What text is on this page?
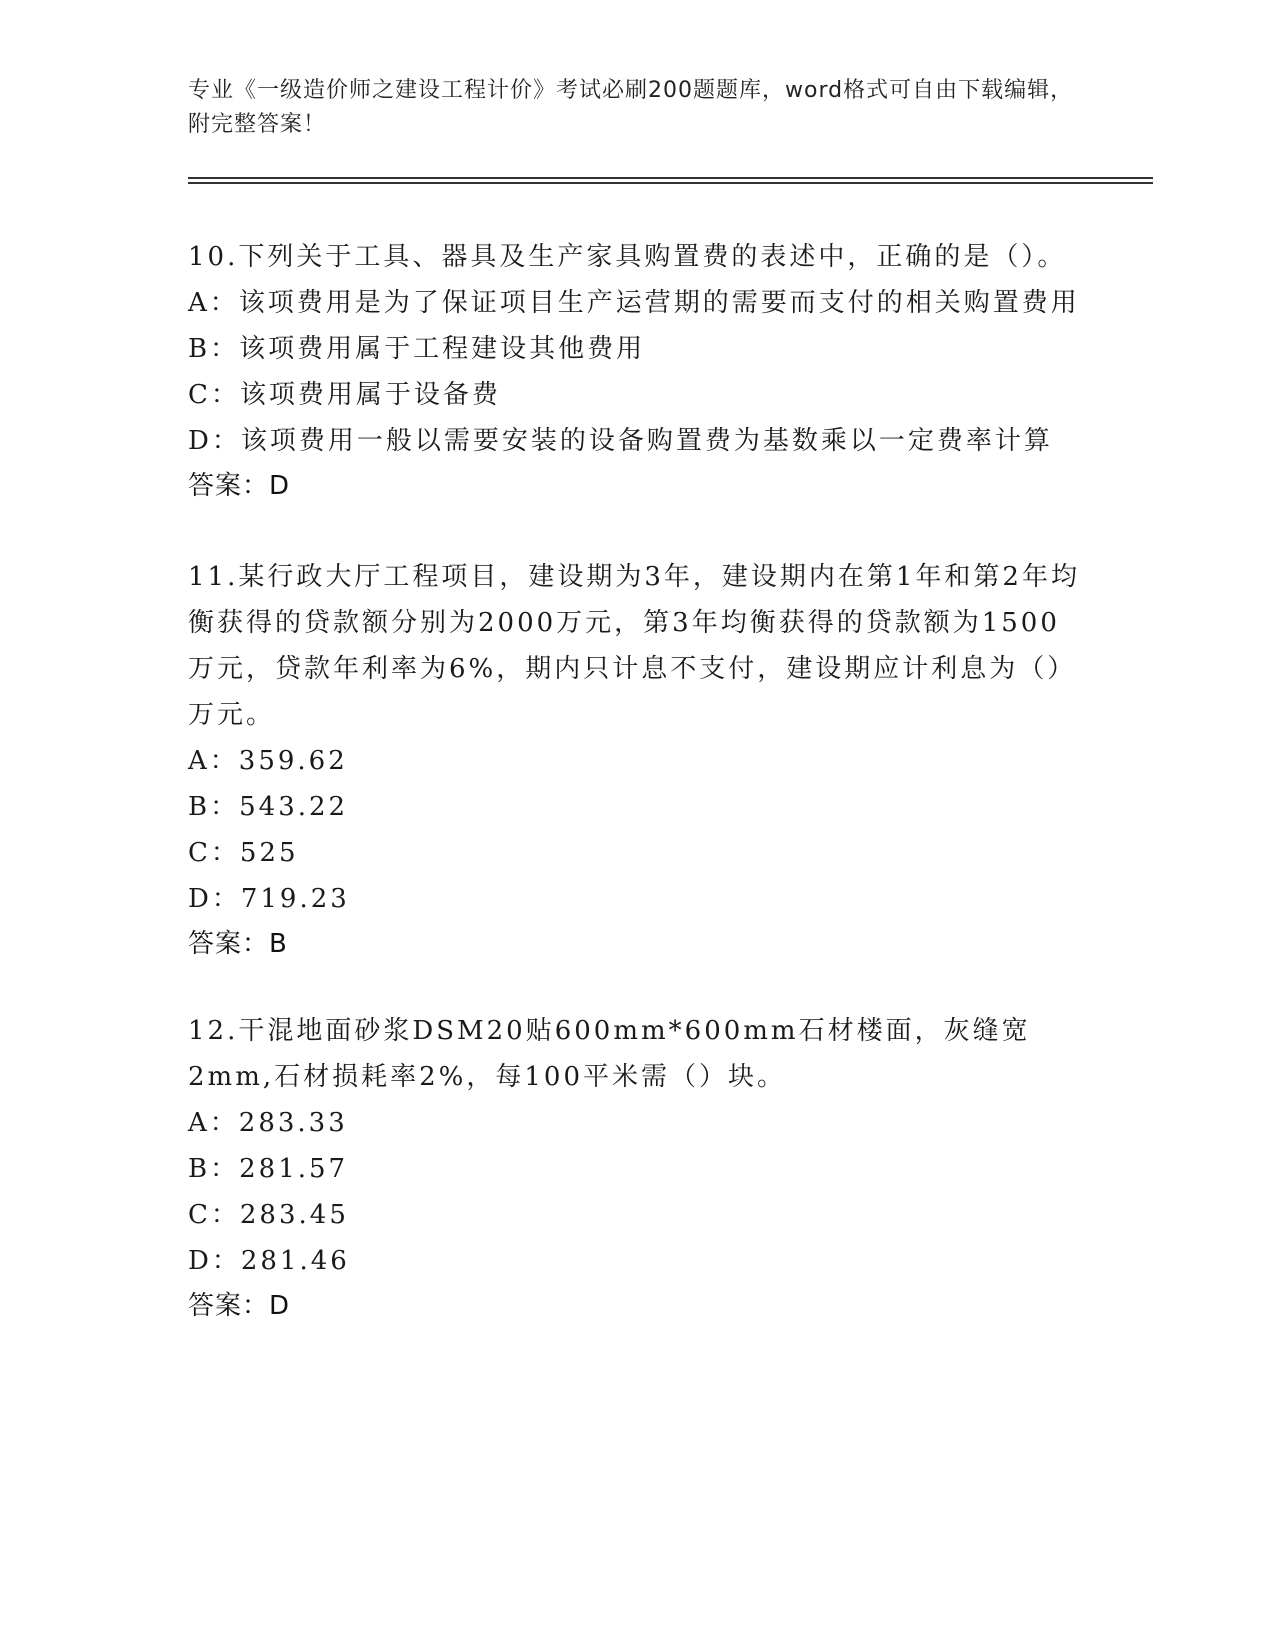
专业《一级造价师之建设工程计价》考试必刷200题题库，word格式可自由下载编辑，附完整答案！
10.下列关于工具、器具及生产家具购置费的表述中，正确的是（）。
A：该项费用是为了保证项目生产运营期的需要而支付的相关购置费用
B：该项费用属于工程建设其他费用
C：该项费用属于设备费
D：该项费用一般以需要安装的设备购置费为基数乘以一定费率计算
答案：D
11.某行政大厅工程项目，建设期为3年，建设期内在第1年和第2年均衡获得的贷款额分别为2000万元，第3年均衡获得的贷款额为1500万元，贷款年利率为6%，期内只计息不支付，建设期应计利息为（）万元。
A：359.62
B：543.22
C：525
D：719.23
答案：B
12.干混地面砂浆DSM20贴600mm*600mm石材楼面，灰缝宽2mm,石材损耗率2%，每100平米需（）块。
A：283.33
B：281.57
C：283.45
D：281.46
答案：D
